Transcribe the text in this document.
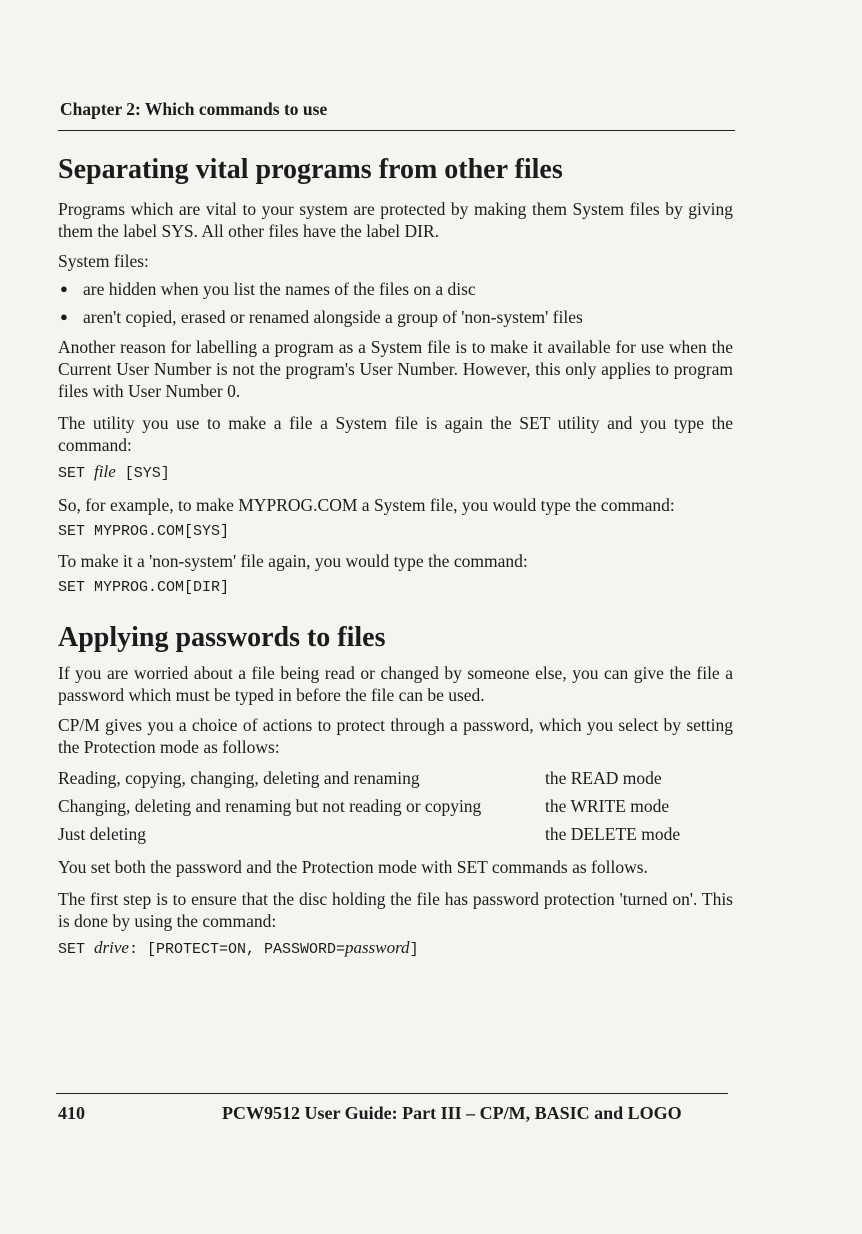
Chapter 2: Which commands to use
Separating vital programs from other files

Programs which are vital to your system are protected by making them System files by giving them the label SYS. All other files have the label DIR.

System files:

● are hidden when you list the names of the files on a disc
● aren't copied, erased or renamed alongside a group of 'non-system' files

Another reason for labelling a program as a System file is to make it available for use when the Current User Number is not the program's User Number. However, this only applies to program files with User Number 0.

The utility you use to make a file a System file is again the SET utility and you type the command:

SET file [SYS]

So, for example, to make MYPROG.COM a System file, you would type the command:

SET MYPROG.COM[SYS]

To make it a 'non-system' file again, you would type the command:

SET MYPROG.COM[DIR]
Applying passwords to files

If you are worried about a file being read or changed by someone else, you can give the file a password which must be typed in before the file can be used.

CP/M gives you a choice of actions to protect through a password, which you select by setting the Protection mode as follows:

Reading, copying, changing, deleting and renaming	the READ mode
Changing, deleting and renaming but not reading or copying	the WRITE mode
Just deleting	the DELETE mode

You set both the password and the Protection mode with SET commands as follows.

The first step is to ensure that the disc holding the file has password protection 'turned on'. This is done by using the command:

SET drive: [PROTECT=ON, PASSWORD=password]
410	PCW9512 User Guide: Part III – CP/M, BASIC and LOGO
